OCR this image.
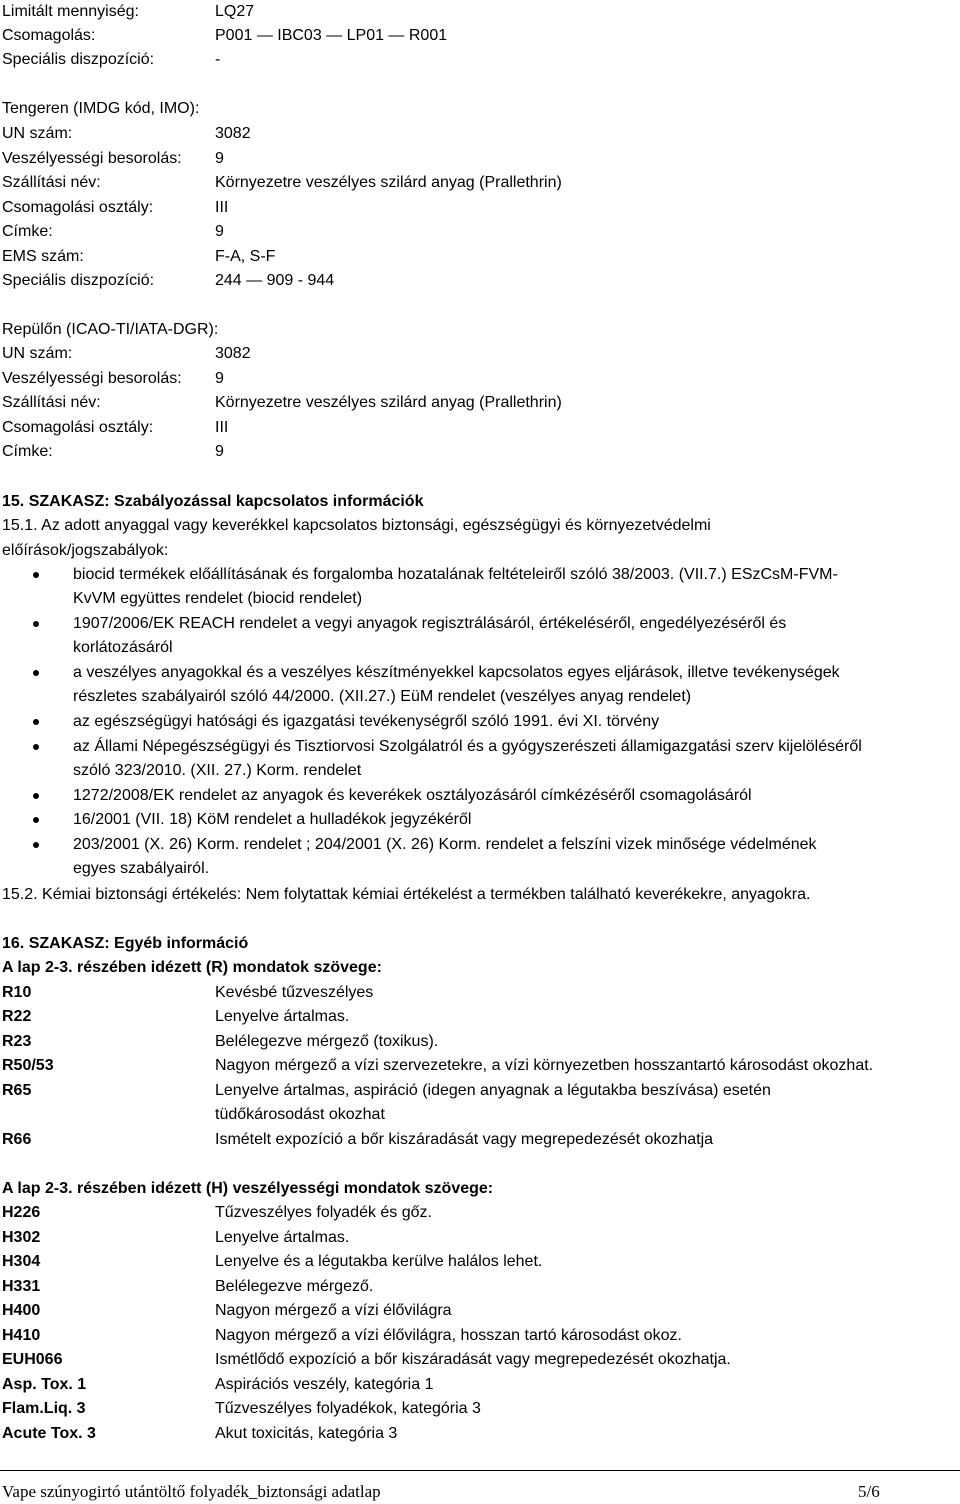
Limitált mennyiség:	LQ27
Csomagolás:	P001 — IBC03 — LP01 — R001
Speciális diszpozíció:	-
Tengeren (IMDG kód, IMO):
UN szám:	3082
Veszélyességi besorolás: 9
Szállítási név:	Környezetre veszélyes szilárd anyag (Prallethrin)
Csomagolási osztály:	III
Címke:	9
EMS szám:	F-A, S-F
Speciális diszpozíció:	244 — 909 - 944
Repülőn (ICAO-TI/IATA-DGR):
UN szám:	3082
Veszélyességi besorolás: 9
Szállítási név:	Környezetre veszélyes szilárd anyag (Prallethrin)
Csomagolási osztály:	III
Címke:	9
15. SZAKASZ: Szabályozással kapcsolatos információk
15.1. Az adott anyaggal vagy keverékkel kapcsolatos biztonsági, egészségügyi és környezetvédelmi
előírások/jogszabályok:
biocid termékek előállításának és forgalomba hozatalának feltételeiről szóló 38/2003. (VII.7.) ESzCsM-FVM-
KvVM együttes rendelet (biocid rendelet)
1907/2006/EK REACH rendelet a vegyi anyagok regisztrálásáról, értékeléséről, engedélyezéséről és
korlátozásáról
a veszélyes anyagokkal és a veszélyes készítményekkel kapcsolatos egyes eljárások, illetve tevékenységek
részletes szabályairól szóló 44/2000. (XII.27.) EüM rendelet (veszélyes anyag rendelet)
az egészségügyi hatósági és igazgatási tevékenységről szóló 1991. évi XI. törvény
az Állami Népegészségügyi és Tisztiorvosi Szolgálatról és a gyógyszerészeti államigazgatási szerv kijelöléséről
szóló 323/2010. (XII. 27.) Korm. rendelet
1272/2008/EK rendelet az anyagok és keverékek osztályozásáról címkézéséről csomagolásáról
16/2001 (VII. 18) KöM rendelet a hulladékok jegyzékéről
203/2001 (X. 26) Korm. rendelet ; 204/2001 (X. 26) Korm. rendelet a felszíni vizek minősége védelmének
egyes szabályairól.
15.2. Kémiai biztonsági értékelés: Nem folytattak kémiai értékelést a termékben található keverékekre, anyagokra.
16. SZAKASZ: Egyéb információ
A lap 2-3. részében idézett (R) mondatok szövege:
R10	Kevésbé tűzveszélyes
R22	Lenyelve ártalmas.
R23	Belélegezve mérgező (toxikus).
R50/53	Nagyon mérgező a vízi szervezetekre, a vízi környezetben hosszantartó károsodást okozhat.
R65	Lenyelve ártalmas, aspiráció (idegen anyagnak a légutakba beszívása) esetén
tüdőkárosodást okozhat
R66	Ismételt expozíció a bőr kiszáradását vagy megrepedezését okozhatja
A lap 2-3. részében idézett (H) veszélyességi mondatok szövege:
H226	Tűzveszélyes folyadék és gőz.
H302	Lenyelve ártalmas.
H304	Lenyelve és a légutakba kerülve halálos lehet.
H331	Belélegezve mérgező.
H400	Nagyon mérgező a vízi élővilágra
H410	Nagyon mérgező a vízi élővilágra, hosszan tartó károsodást okoz.
EUH066	Ismétlődő expozíció a bőr kiszáradását vagy megrepedezését okozhatja.
Asp. Tox. 1	Aspirációs veszély, kategória 1
Flam.Liq. 3	Tűzveszélyes folyadékok, kategória 3
Acute Tox. 3	Akut toxicitás, kategória 3
Vape szúnyogirtó utántöltő folyadék_biztonsági adatlap	5/6
